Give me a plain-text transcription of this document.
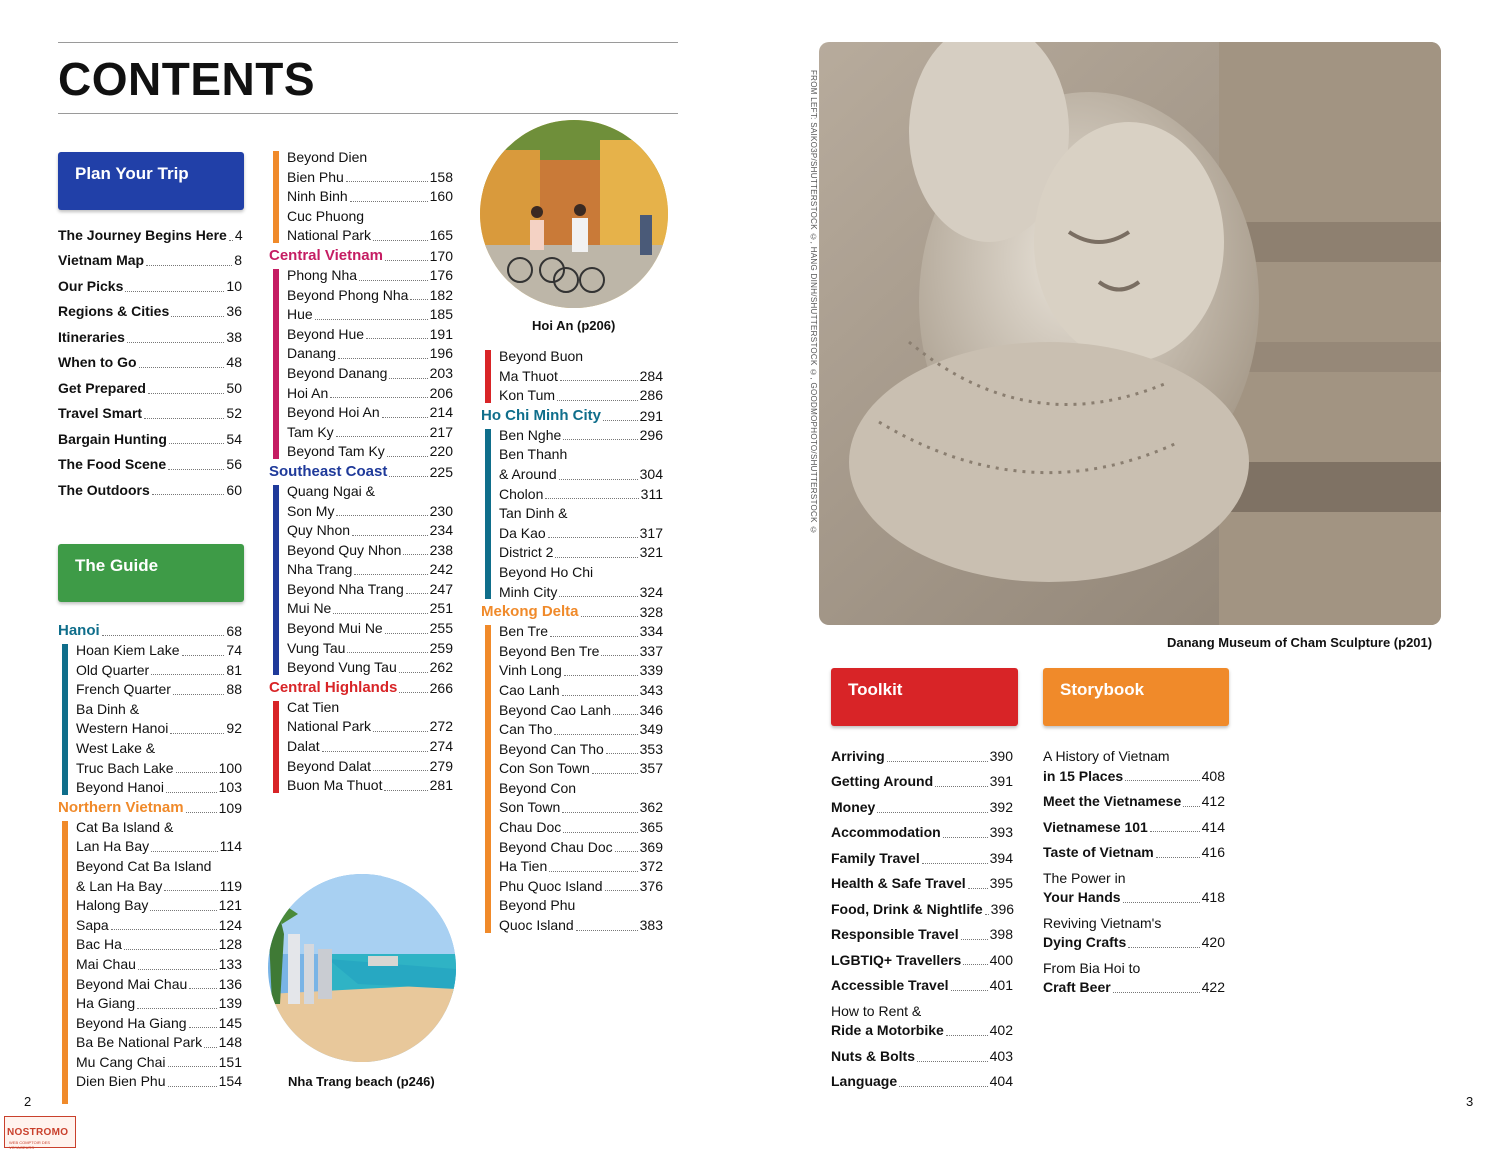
CONTENTS
Plan Your Trip
The Journey Begins Here 4
Vietnam Map	8
Our Picks	10
Regions & Cities	36
Itineraries	38
When to Go	48
Get Prepared	50
Travel Smart	52
Bargain Hunting	54
The Food Scene	56
The Outdoors	60
The Guide
Hanoi	68
Hoan Kiem Lake	74
Old Quarter	81
French Quarter	88
Ba Dinh &
Western Hanoi	92
West Lake &
Truc Bach Lake	100
Beyond Hanoi	103
Northern Vietnam	109
Cat Ba Island &
Lan Ha Bay	114
Beyond Cat Ba Island
& Lan Ha Bay	119
Halong Bay	121
Sapa	124
Bac Ha	128
Mai Chau	133
Beyond Mai Chau 136
Ha Giang	139
Beyond Ha Giang 145
Ba Be National Park 148
Mu Cang Chai	151
Dien Bien Phu	154
Beyond Dien
Bien Phu	158
Ninh Binh	160
Cuc Phuong
National Park	165
Central Vietnam	170
Phong Nha	176
Beyond Phong Nha 182
Hue	185
Beyond Hue	191
Danang	196
Beyond Danang	203
Hoi An	206
Beyond Hoi An	214
Tam Ky	217
Beyond Tam Ky	220
Southeast Coast	225
Quang Ngai &
Son My	230
Quy Nhon	234
Beyond Quy Nhon 238
Nha Trang	242
Beyond Nha Trang 247
Mui Ne	251
Beyond Mui Ne	255
Vung Tau	259
Beyond Vung Tau 262
Central Highlands 266
Cat Tien
National Park	272
Dalat	274
Beyond Dalat	279
Buon Ma Thuot	281
Beyond Buon
Ma Thuot	284
Kon Tum	286
Ho Chi Minh City	291
Ben Nghe	296
Ben Thanh
& Around	304
Cholon	311
Tan Dinh &
Da Kao	317
District 2	321
Beyond Ho Chi
Minh City	324
Mekong Delta	328
Ben Tre	334
Beyond Ben Tre	337
Vinh Long	339
Cao Lanh	343
Beyond Cao Lanh 346
Can Tho	349
Beyond Can Tho	353
Con Son Town	357
Beyond Con
Son Town	362
Chau Doc	365
Beyond Chau Doc 369
Ha Tien	372
Phu Quoc Island	376
Beyond Phu
Quoc Island	383
Hoi An (p206)
Nha Trang beach (p246)
2
NOSTROMO
WEB COMPTOIR DES VOYAGEURS
FROM LEFT: SAIKO3P/SHUTTERSTOCK ©, HANG DINH/SHUTTERSTOCK ©, GOODMOPHOTO/SHUTTERSTOCK ©
Danang Museum of Cham Sculpture (p201)
Toolkit	Storybook
Arriving	390
Getting Around	391
Money	392
Accommodation	393
Family Travel	394
Health & Safe Travel 395
Food, Drink & Nightlife 396
Responsible Travel 398
LGBTIQ+ Travellers 400
Accessible Travel	401
How to Rent &
Ride a Motorbike	402
Nuts & Bolts	403
Language	404
A History of Vietnam
in 15 Places	408
Meet the Vietnamese 412
Vietnamese 101	414
Taste of Vietnam	416
The Power in
Your Hands	418
Reviving Vietnam's
Dying Crafts	420
From Bia Hoi to
Craft Beer	422
3
